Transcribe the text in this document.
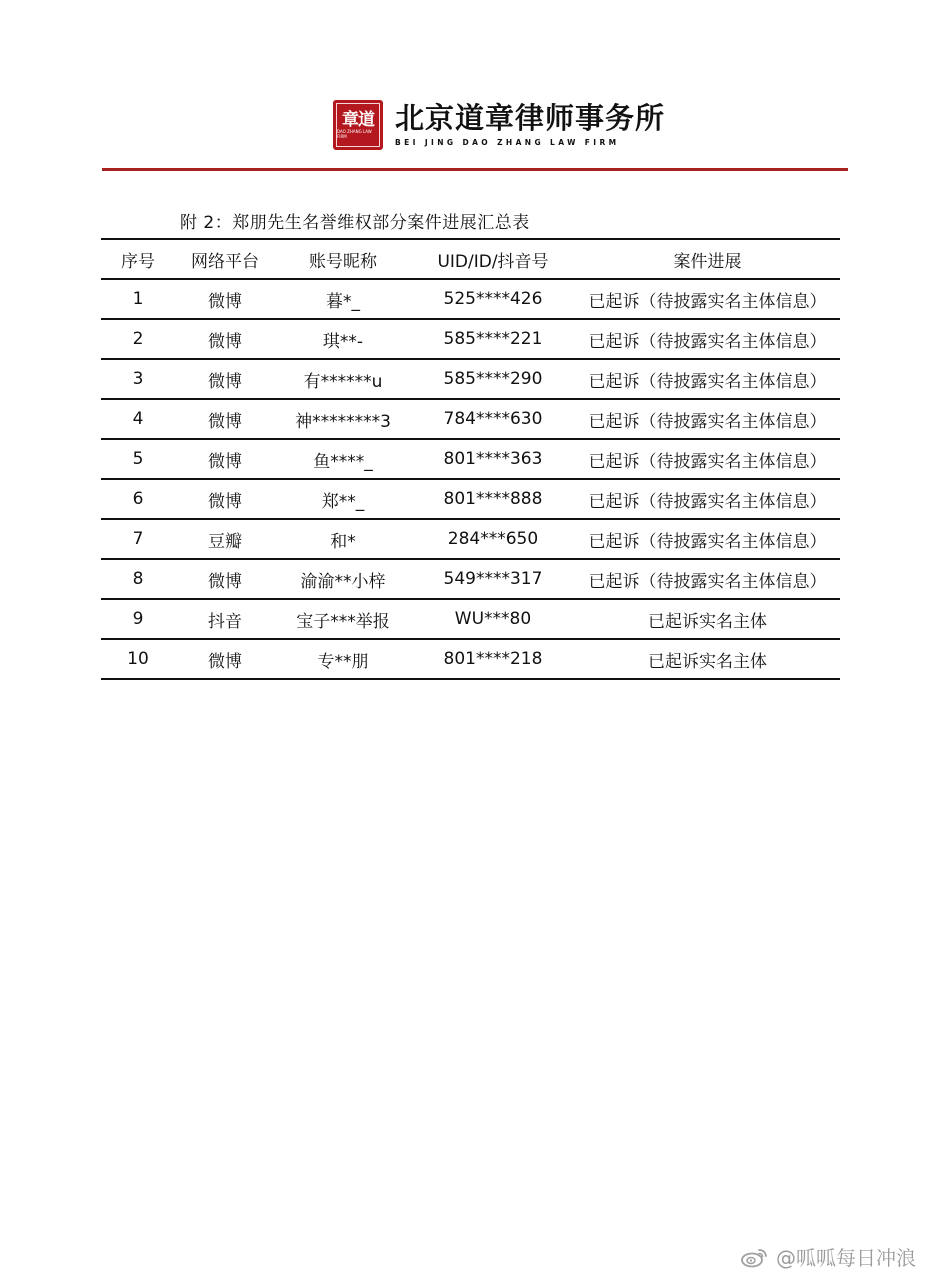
章道
DAO ZHANG LAW FIRM
北京道章律师事务所
BEI JING DAO ZHANG LAW FIRM
附 2：郑朋先生名誉维权部分案件进展汇总表
序号	网络平台	账号昵称	UID/ID/抖音号	案件进展
1	微博	暮*_	525****426	已起诉（待披露实名主体信息）
2	微博	琪**-	585****221	已起诉（待披露实名主体信息）
3	微博	有******u	585****290	已起诉（待披露实名主体信息）
4	微博	神********3	784****630	已起诉（待披露实名主体信息）
5	微博	鱼****_	801****363	已起诉（待披露实名主体信息）
6	微博	郑**_	801****888	已起诉（待披露实名主体信息）
7	豆瓣	和*	284***650	已起诉（待披露实名主体信息）
8	微博	渝渝**小梓	549****317	已起诉（待披露实名主体信息）
9	抖音	宝子***举报	WU***80	已起诉实名主体
10	微博	专**朋	801****218	已起诉实名主体
@呱呱每日冲浪
